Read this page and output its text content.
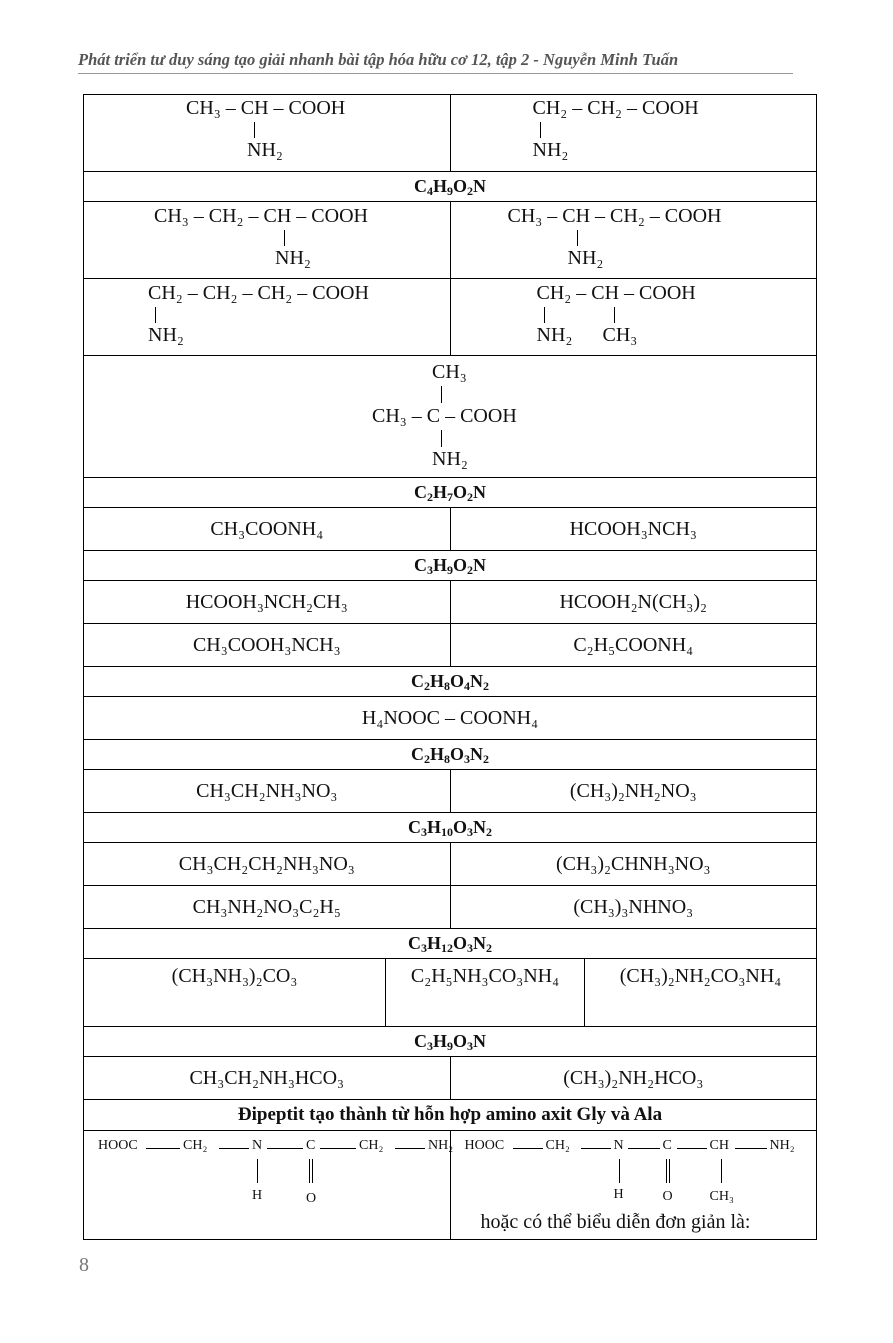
Phát triển tư duy sáng tạo giải nhanh bài tập hóa hữu cơ 12, tập 2 - Nguyễn Minh Tuấn
CH₃ – CH – COOH
NH₂
CH₂ – CH₂ – COOH
NH₂
$C_4H_9O_2N$
CH₃ – CH₂ – CH – COOH
NH₂
CH₃ – CH – CH₂ – COOH
NH₂
CH₂ – CH₂ – CH₂ – COOH
NH₂
CH₂ – CH – COOH
NH₂ CH₃
CH₃
CH₃ – C – COOH
NH₂
$C_2H_7O_2N$
CH₃COONH₄	HCOOH₃NCH₃
$C_3H_9O_2N$
HCOOH₃NCH₂CH₃	HCOOH₂N(CH₃)₂
CH₃COOH₃NCH₃	C₂H₅COONH₄
$C_2H_8O_4N_2$
H₄NOOC – COONH₄
$C_2H_8O_3N_2$
CH₃CH₂NH₃NO₃	(CH₃)₂NH₂NO₃
$C_3H_{10}O_3N_2$
CH₃CH₂CH₂NH₃NO₃	(CH₃)₂CHNH₃NO₃
CH₃NH₂NO₃C₂H₅	(CH₃)₃NHNO₃
$C_3H_{12}O_3N_2$
(CH₃NH₃)₂CO₃	C₂H₅NH₃CO₃NH₄	(CH₃)₂NH₂CO₃NH₄
$C_3H_9O_3N$
CH₃CH₂NH₃HCO₃	(CH₃)₂NH₂HCO₃
Đipeptit tạo thành từ hỗn hợp amino axit Gly và Ala
HOOC	CH₂	N	C	CH₂	NH₂
H	O
HOOC	CH₂	N	C	CH	NH₂
H	O	CH₃
hoặc có thể biểu diễn đơn giản là:
8
